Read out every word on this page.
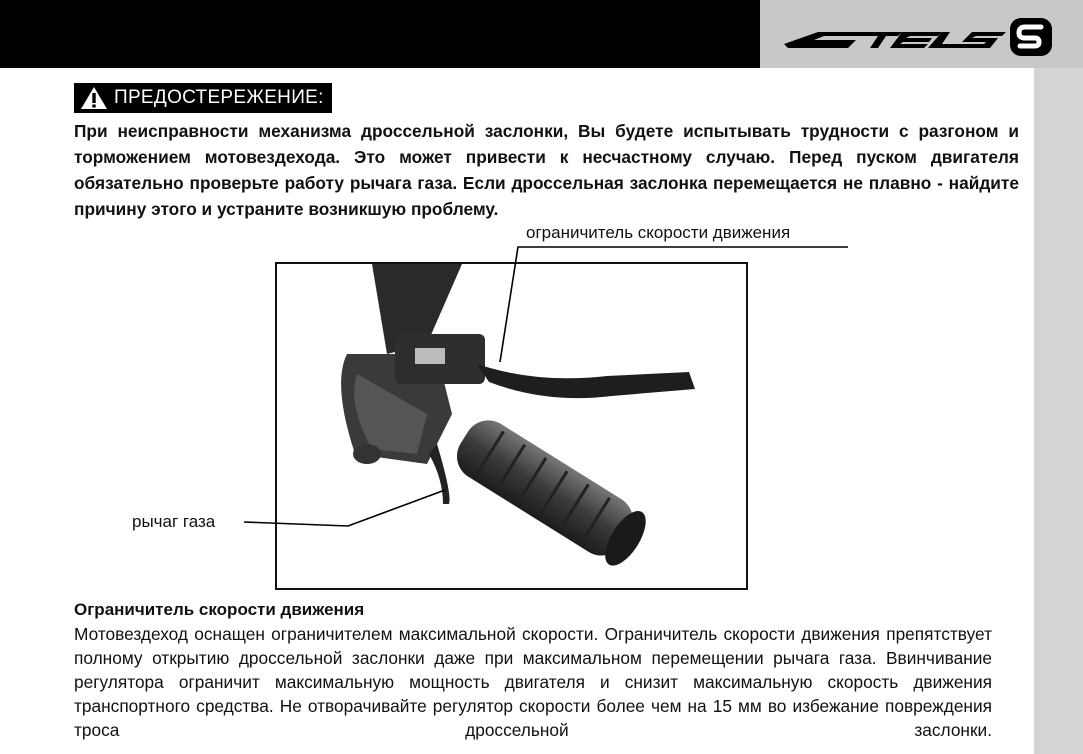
ПРЕДОСТЕРЕЖЕНИЕ:
При неисправности механизма дроссельной заслонки, Вы будете испытывать трудности с разгоном и торможением мотовездехода. Это может привести к несчастному случаю. Перед пуском двигателя обязательно проверьте работу рычага газа. Если дроссельная заслонка перемещается не плавно - найдите причину этого и устраните возникшую проблему.
ограничитель скорости движения
рычаг газа
Ограничитель скорости движения
Мотовездеход оснащен ограничителем максимальной скорости. Ограничитель скорости движения препятствует полному открытию дроссельной заслонки даже при максимальном перемещении рычага газа. Ввинчивание регулятора ограничит максимальную мощность двигателя и снизит максимальную скорость движения транспортного средства. Не отворачивайте регулятор скорости более чем на 15 мм во избежание повреждения троса дроссельной заслонки.
